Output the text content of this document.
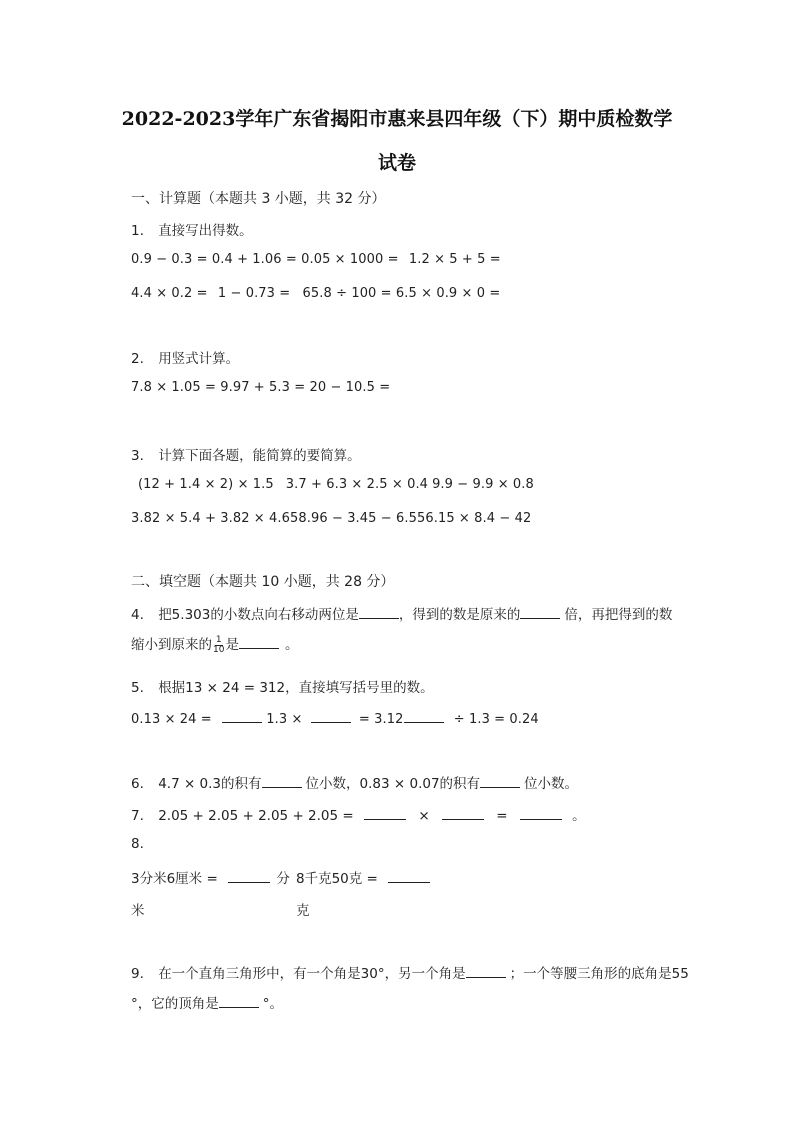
2022-2023学年广东省揭阳市惠来县四年级（下）期中质检数学
试卷
一、计算题（本题共 3 小题，共 32 分）
1. 直接写出得数。
0.9 − 0.3 = 0.4 + 1.06 = 0.05 × 1000 = 1.2 × 5 + 5 =
4.4 × 0.2 = 1 − 0.73 = 65.8 ÷ 100 = 6.5 × 0.9 × 0 =
2. 用竖式计算。
7.8 × 1.05 = 9.97 + 5.3 = 20 − 10.5 =
3. 计算下面各题，能简算的要简算。
(12 + 1.4 × 2) × 1.5 3.7 + 6.3 × 2.5 × 0.4 9.9 − 9.9 × 0.8
3.82 × 5.4 + 3.82 × 4.658.96 − 3.45 − 6.556.15 × 8.4 − 42
二、填空题（本题共 10 小题，共 28 分）
4. 把5.303的小数点向右移动两位是	，得到的数是原来的	倍，再把得到的数
缩小到原来的 $\frac{1}{10}$ 是	。
5. 根据13 × 24 = 312，直接填写括号里的数。
0.13 × 24 =	1.3 ×	= 3.12	÷ 1.3 = 0.24
6. 4.7 × 0.3的积有	位小数，0.83 × 0.07的积有	位小数。
7. 2.05 + 2.05 + 2.05 + 2.05 =	×	=	。
8.
3分米6厘米 =	分
米
8千克50克 =
克
9. 在一个直角三角形中，有一个角是30°，另一个角是	；一个等腰三角形的底角是55
°，它的顶角是	°。
